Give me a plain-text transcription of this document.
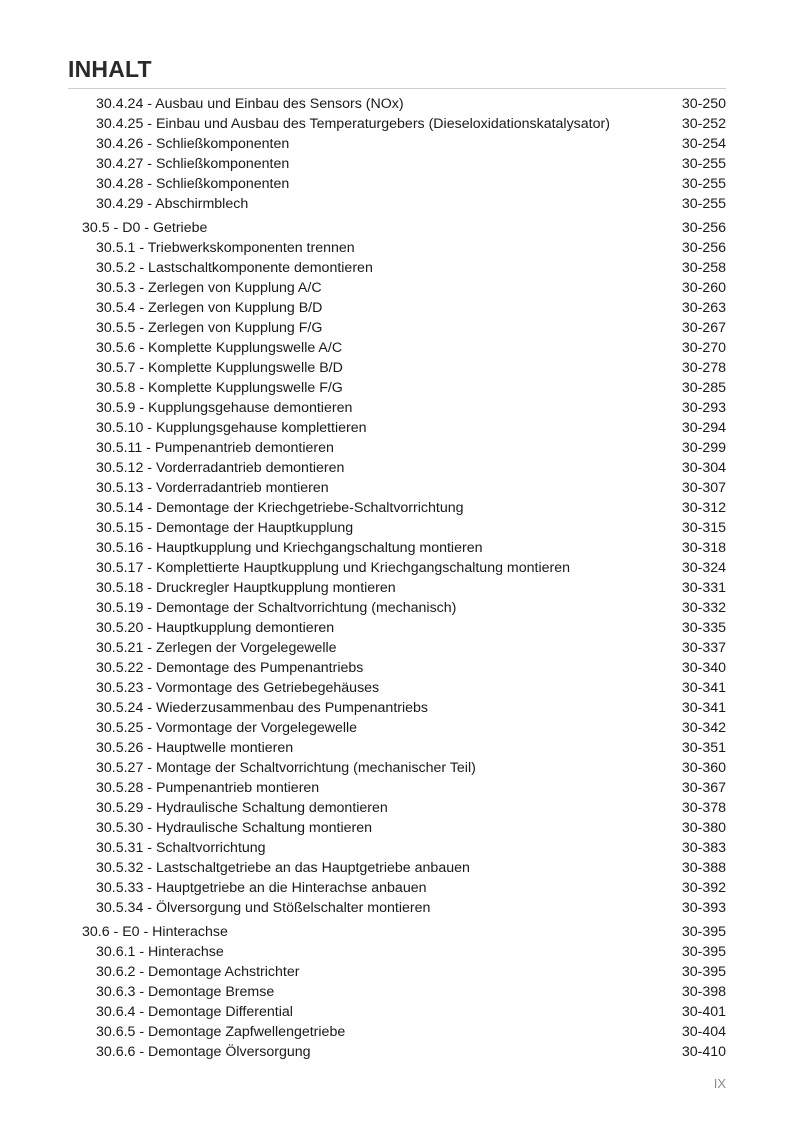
INHALT
30.4.24 - Ausbau und Einbau des Sensors (NOx)	30-250
30.4.25 - Einbau und Ausbau des Temperaturgebers (Dieseloxidationskatalysator)	30-252
30.4.26 - Schließkomponenten	30-254
30.4.27 - Schließkomponenten	30-255
30.4.28 - Schließkomponenten	30-255
30.4.29 - Abschirmblech	30-255
30.5 - D0 - Getriebe	30-256
30.5.1 - Triebwerkskomponenten trennen	30-256
30.5.2 - Lastschaltkomponente demontieren	30-258
30.5.3 - Zerlegen von Kupplung A/C	30-260
30.5.4 - Zerlegen von Kupplung B/D	30-263
30.5.5 - Zerlegen von Kupplung F/G	30-267
30.5.6 - Komplette Kupplungswelle A/C	30-270
30.5.7 - Komplette Kupplungswelle B/D	30-278
30.5.8 - Komplette Kupplungswelle F/G	30-285
30.5.9 - Kupplungsgehause demontieren	30-293
30.5.10 - Kupplungsgehause komplettieren	30-294
30.5.11 - Pumpenantrieb demontieren	30-299
30.5.12 - Vorderradantrieb demontieren	30-304
30.5.13 - Vorderradantrieb montieren	30-307
30.5.14 - Demontage der Kriechgetriebe-Schaltvorrichtung	30-312
30.5.15 - Demontage der Hauptkupplung	30-315
30.5.16 - Hauptkupplung und Kriechgangschaltung montieren	30-318
30.5.17 - Komplettierte Hauptkupplung und Kriechgangschaltung montieren	30-324
30.5.18 - Druckregler Hauptkupplung montieren	30-331
30.5.19 - Demontage der Schaltvorrichtung (mechanisch)	30-332
30.5.20 - Hauptkupplung demontieren	30-335
30.5.21 - Zerlegen der Vorgelegewelle	30-337
30.5.22 - Demontage des Pumpenantriebs	30-340
30.5.23 - Vormontage des Getriebegehäuses	30-341
30.5.24 - Wiederzusammenbau des Pumpenantriebs	30-341
30.5.25 - Vormontage der Vorgelegewelle	30-342
30.5.26 - Hauptwelle montieren	30-351
30.5.27 - Montage der Schaltvorrichtung (mechanischer Teil)	30-360
30.5.28 - Pumpenantrieb montieren	30-367
30.5.29 - Hydraulische Schaltung demontieren	30-378
30.5.30 - Hydraulische Schaltung montieren	30-380
30.5.31 - Schaltvorrichtung	30-383
30.5.32 - Lastschaltgetriebe an das Hauptgetriebe anbauen	30-388
30.5.33 - Hauptgetriebe an die Hinterachse anbauen	30-392
30.5.34 - Ölversorgung und Stößelschalter montieren	30-393
30.6 - E0 - Hinterachse	30-395
30.6.1 - Hinterachse	30-395
30.6.2 - Demontage Achstrichter	30-395
30.6.3 - Demontage Bremse	30-398
30.6.4 - Demontage Differential	30-401
30.6.5 - Demontage Zapfwellengetriebe	30-404
30.6.6 - Demontage Ölversorgung	30-410
IX
